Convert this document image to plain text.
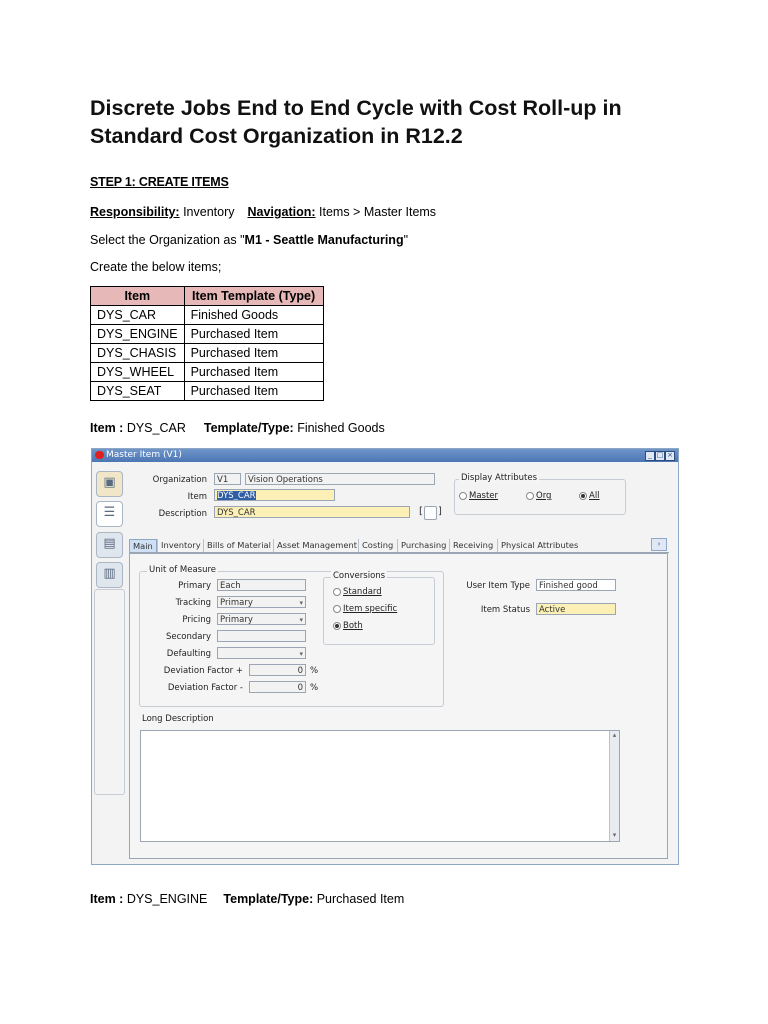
Discrete Jobs End to End Cycle with Cost Roll-up in Standard Cost Organization in R12.2
STEP 1: CREATE ITEMS
Responsibility: Inventory Navigation: Items > Master Items
Select the Organization as "M1 - Seattle Manufacturing"
Create the below items;
Item	Item Template (Type)
DYS_CAR	Finished Goods
DYS_ENGINE	Purchased Item
DYS_CHASIS	Purchased Item
DYS_WHEEL	Purchased Item
DYS_SEAT	Purchased Item
Item : DYS_CAR Template/Type: Finished Goods
Master Item (V1)	_ □ ×
▣
☰
▤
▥
Organization	V1	Vision Operations
Item	DYS_CAR
Description	DYS_CAR	[ ]
Display Attributes
Master	Org	All
Main Inventory Bills of Material Asset Management Costing Purchasing Receiving Physical Attributes	›
Unit of Measure
Primary	Each
Tracking	Primary	▾
Pricing	Primary	▾
Secondary
Defaulting	▾
Deviation Factor +	0 %
Deviation Factor -	0 %
Conversions
Standard
Item specific
Both
User Item Type	Finished good
Item Status	Active
Long Description
▴
▾
Item : DYS_ENGINE Template/Type: Purchased Item
